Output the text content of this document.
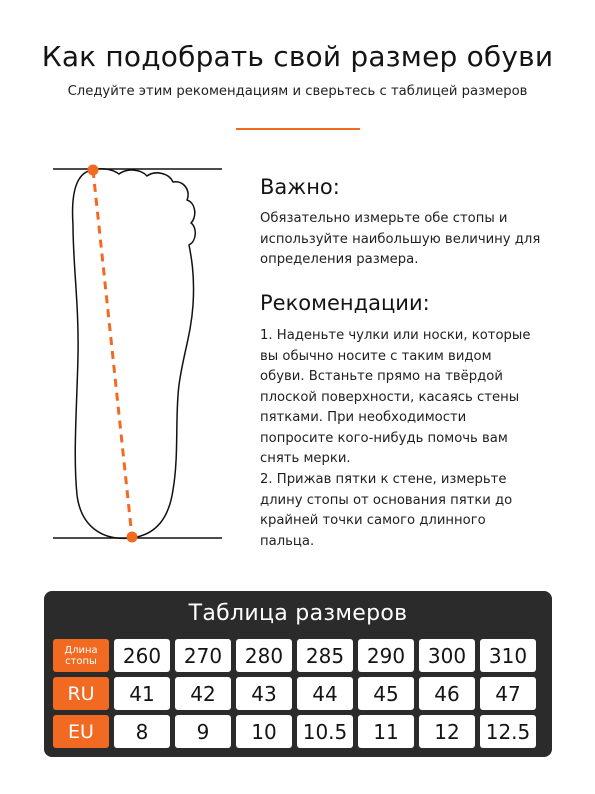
Как подобрать свой размер обуви
Следуйте этим рекомендациям и сверьтесь с таблицей размеров
Важно:
Обязательно измерьте обе стопы и
используйте наибольшую величину для
определения размера.
Рекомендации:
1. Наденьте чулки или носки, которые
вы обычно носите с таким видом
обуви. Встаньте прямо на твёрдой
плоской поверхности, касаясь стены
пятками. При необходимости
попросите кого-нибудь помочь вам
снять мерки.
2. Прижав пятки к стене, измерьте
длину стопы от основания пятки до
крайней точки самого длинного
пальца.
Таблица размеров
Длина
стопы	260	270	280	285	290	300	310
RU	41	42	43	44	45	46	47
EU	8	9	10	10.5	11	12	12.5
